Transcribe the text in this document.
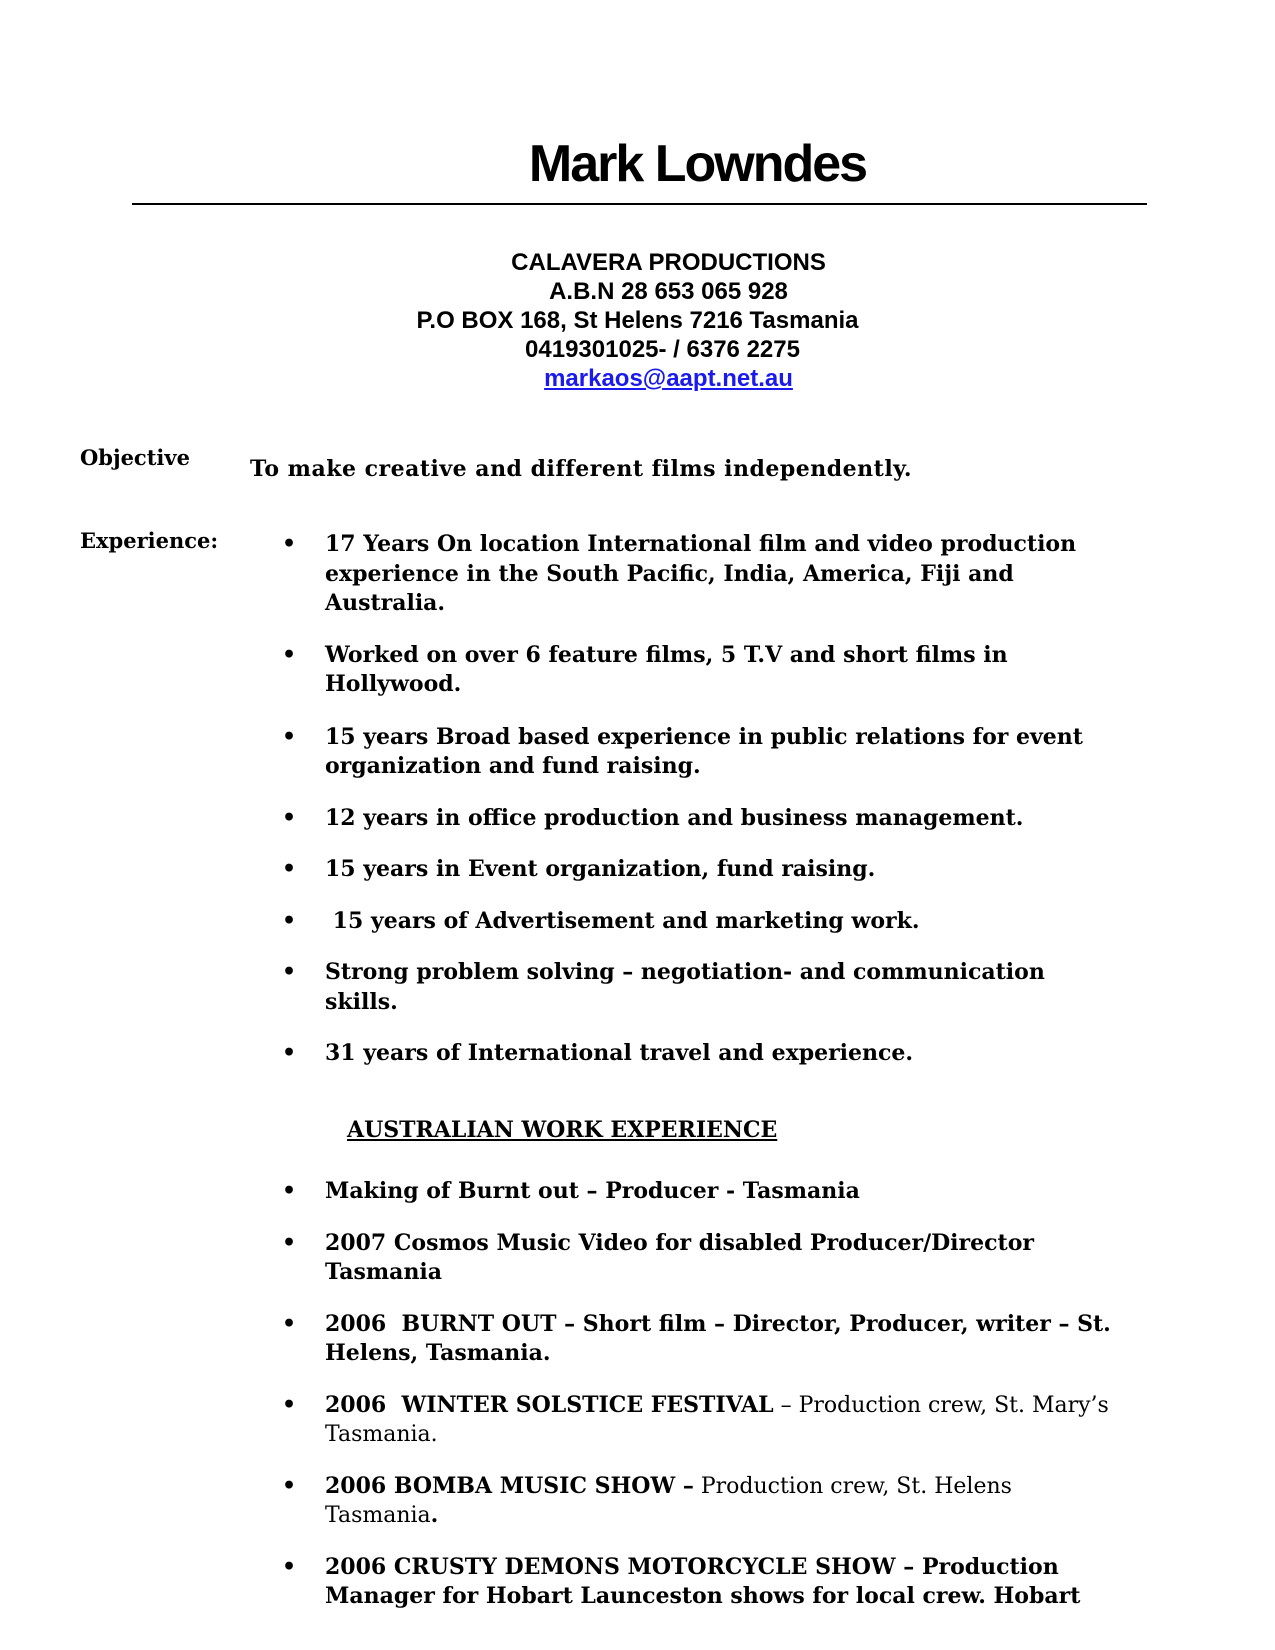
Mark Lowndes
CALAVERA PRODUCTIONS
A.B.N 28 653 065 928
P.O BOX 168, St Helens 7216 Tasmania
0419301025- / 6376 2275
markaos@aapt.net.au
Objective	To make creative and different films independently.
Experience:	• 17 Years On location International film and video production experience in the South Pacific, India, America, Fiji and Australia.
• Worked on over 6 feature films, 5 T.V and short films in Hollywood.
• 15 years Broad based experience in public relations for event organization and fund raising.
• 12 years in office production and business management.
• 15 years in Event organization, fund raising.
• 15 years of Advertisement and marketing work.
• Strong problem solving – negotiation- and communication skills.
• 31 years of International travel and experience.
AUSTRALIAN WORK EXPERIENCE
• Making of Burnt out – Producer - Tasmania
• 2007 Cosmos Music Video for disabled Producer/Director Tasmania
• 2006  BURNT OUT – Short film – Director, Producer, writer – St. Helens, Tasmania.
• 2006  WINTER SOLSTICE FESTIVAL – Production crew, St. Mary’s Tasmania.
• 2006 BOMBA MUSIC SHOW – Production crew, St. Helens Tasmania.
• 2006 CRUSTY DEMONS MOTORCYCLE SHOW – Production Manager for Hobart Launceston shows for local crew. Hobart
